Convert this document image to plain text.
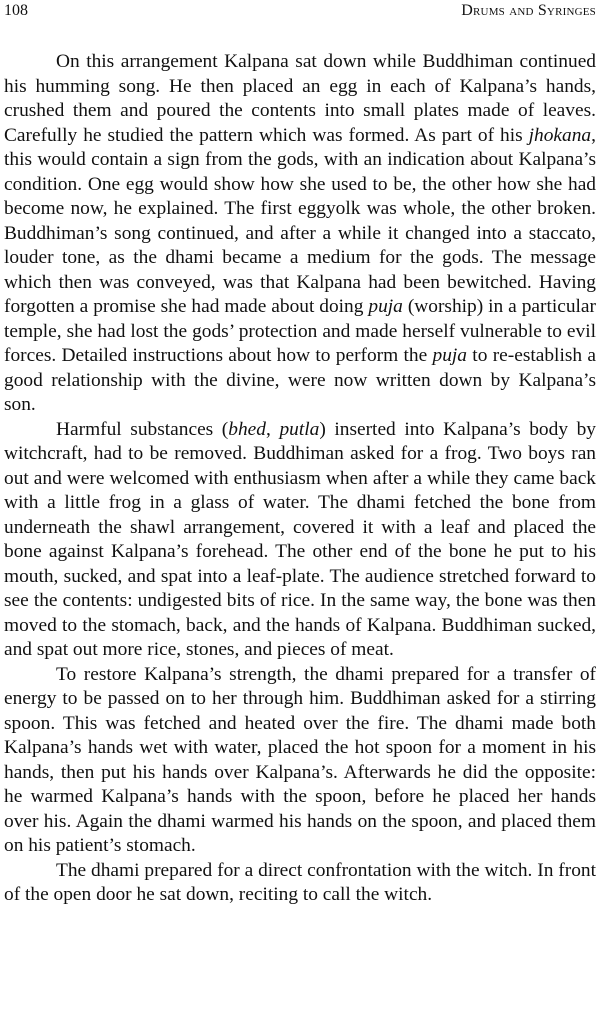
108	Drums and Syringes

On this arrangement Kalpana sat down while Buddhiman continued his humming song. He then placed an egg in each of Kalpana’s hands, crushed them and poured the contents into small plates made of leaves. Carefully he studied the pattern which was formed. As part of his jhokana, this would contain a sign from the gods, with an indication about Kalpana’s condition. One egg would show how she used to be, the other how she had become now, he explained. The first eggyolk was whole, the other broken. Buddhiman’s song continued, and after a while it changed into a staccato, louder tone, as the dhami became a medium for the gods. The message which then was conveyed, was that Kalpana had been bewitched. Having forgotten a promise she had made about doing puja (worship) in a particular temple, she had lost the gods’ protection and made herself vulnerable to evil forces. Detailed instructions about how to perform the puja to re-establish a good relationship with the divine, were now written down by Kalpana’s son.

Harmful substances (bhed, putla) inserted into Kalpana’s body by witchcraft, had to be removed. Buddhiman asked for a frog. Two boys ran out and were welcomed with enthusiasm when after a while they came back with a little frog in a glass of water. The dhami fetched the bone from underneath the shawl arrangement, covered it with a leaf and placed the bone against Kalpana’s forehead. The other end of the bone he put to his mouth, sucked, and spat into a leaf-plate. The audience stretched forward to see the contents: undigested bits of rice. In the same way, the bone was then moved to the stomach, back, and the hands of Kalpana. Buddhiman sucked, and spat out more rice, stones, and pieces of meat.

To restore Kalpana’s strength, the dhami prepared for a transfer of energy to be passed on to her through him. Buddhiman asked for a stirring spoon. This was fetched and heated over the fire. The dhami made both Kalpana’s hands wet with water, placed the hot spoon for a moment in his hands, then put his hands over Kalpana’s. Afterwards he did the opposite: he warmed Kalpana’s hands with the spoon, before he placed her hands over his. Again the dhami warmed his hands on the spoon, and placed them on his patient’s stomach.

The dhami prepared for a direct confrontation with the witch. In front of the open door he sat down, reciting to call the witch.
